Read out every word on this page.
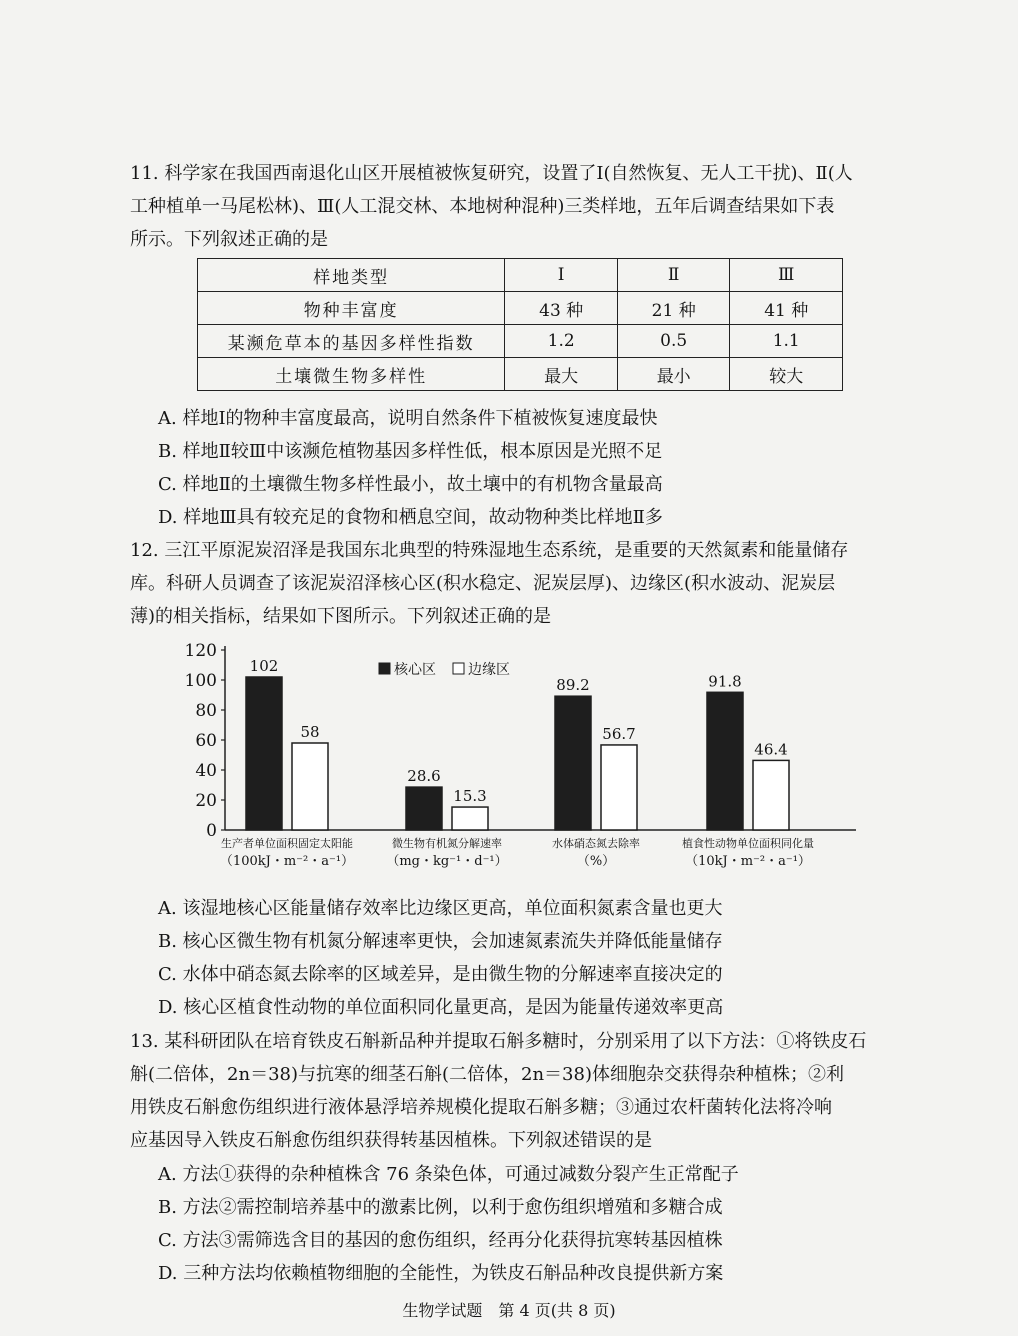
11. 科学家在我国西南退化山区开展植被恢复研究，设置了Ⅰ(自然恢复、无人工干扰)、Ⅱ(人
工种植单一马尾松林)、Ⅲ(人工混交林、本地树种混种)三类样地，五年后调查结果如下表
所示。下列叙述正确的是
样地类型	Ⅰ	Ⅱ	Ⅲ
物种丰富度	43 种	21 种	41 种
某濒危草本的基因多样性指数	1.2	0.5	1.1
土壤微生物多样性	最大	最小	较大
A. 样地Ⅰ的物种丰富度最高，说明自然条件下植被恢复速度最快
B. 样地Ⅱ较Ⅲ中该濒危植物基因多样性低，根本原因是光照不足
C. 样地Ⅱ的土壤微生物多样性最小，故土壤中的有机物含量最高
D. 样地Ⅲ具有较充足的食物和栖息空间，故动物种类比样地Ⅱ多
12. 三江平原泥炭沼泽是我国东北典型的特殊湿地生态系统，是重要的天然氮素和能量储存
库。科研人员调查了该泥炭沼泽核心区(积水稳定、泥炭层厚)、边缘区(积水波动、泥炭层
薄)的相关指标，结果如下图所示。下列叙述正确的是
0
20
40
60
80
100
120
102
58
生产者单位面积固定太阳能
（100kJ・m⁻²・a⁻¹）
28.6
15.3
微生物有机氮分解速率
（mg・kg⁻¹・d⁻¹）
89.2
56.7
水体硝态氮去除率
（%）
91.8
46.4
植食性动物单位面积同化量
（10kJ・m⁻²・a⁻¹）
核心区 边缘区
A. 该湿地核心区能量储存效率比边缘区更高，单位面积氮素含量也更大
B. 核心区微生物有机氮分解速率更快，会加速氮素流失并降低能量储存
C. 水体中硝态氮去除率的区域差异，是由微生物的分解速率直接决定的
D. 核心区植食性动物的单位面积同化量更高，是因为能量传递效率更高
13. 某科研团队在培育铁皮石斛新品种并提取石斛多糖时，分别采用了以下方法：①将铁皮石
斛(二倍体，2n＝38)与抗寒的细茎石斛(二倍体，2n＝38)体细胞杂交获得杂种植株；②利
用铁皮石斛愈伤组织进行液体悬浮培养规模化提取石斛多糖；③通过农杆菌转化法将冷响
应基因导入铁皮石斛愈伤组织获得转基因植株。下列叙述错误的是
A. 方法①获得的杂种植株含 76 条染色体，可通过减数分裂产生正常配子
B. 方法②需控制培养基中的激素比例，以利于愈伤组织增殖和多糖合成
C. 方法③需筛选含目的基因的愈伤组织，经再分化获得抗寒转基因植株
D. 三种方法均依赖植物细胞的全能性，为铁皮石斛品种改良提供新方案
生物学试题　第 4 页(共 8 页)
